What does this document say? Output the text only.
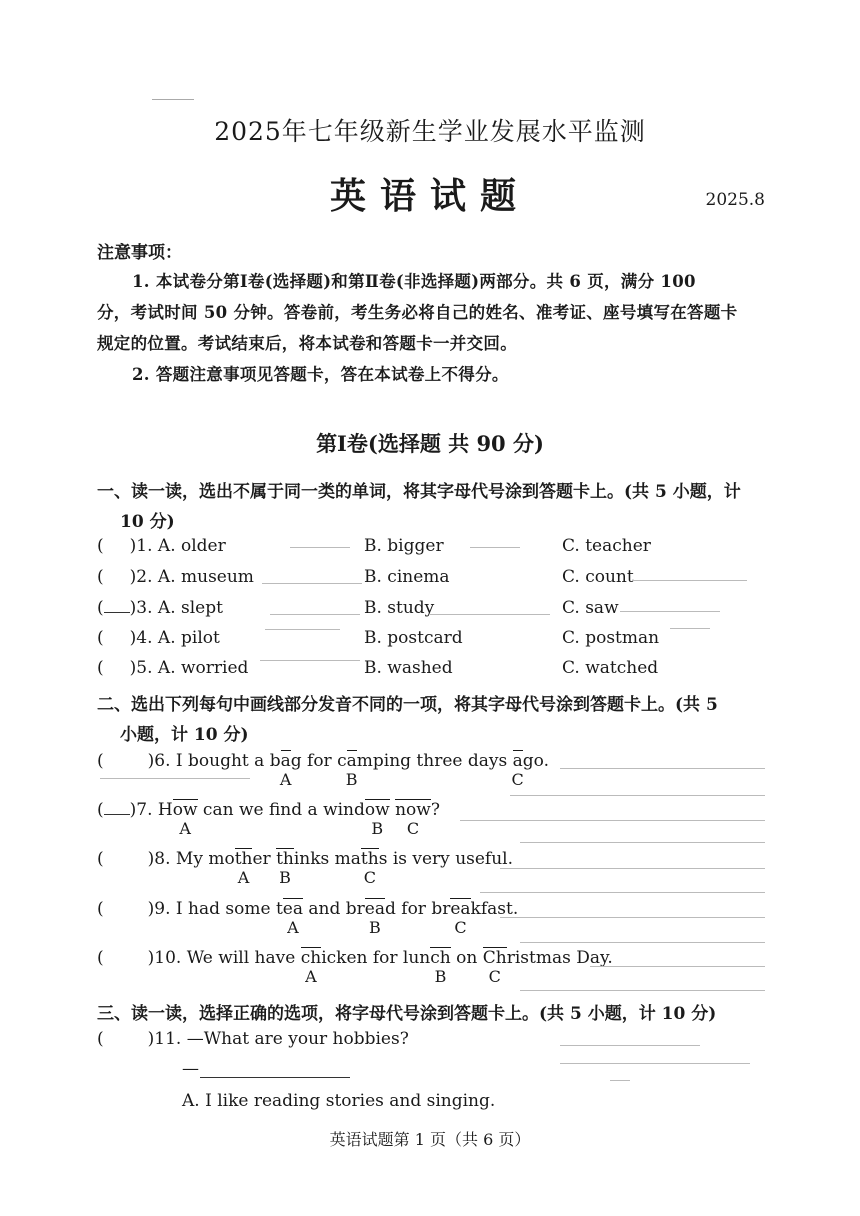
2025年七年级新生学业发展水平监测
英语试题	2025.8
注意事项：
1. 本试卷分第Ⅰ卷(选择题)和第Ⅱ卷(非选择题)两部分。共 6 页，满分 100
分，考试时间 50 分钟。答卷前，考生务必将自己的姓名、准考证、座号填写在答题卡
规定的位置。考试结束后，将本试卷和答题卡一并交回。
2. 答题注意事项见答题卡，答在本试卷上不得分。
第Ⅰ卷(选择题 共 90 分)
一、读一读，选出不属于同一类的单词，将其字母代号涂到答题卡上。(共 5 小题，计
10 分)
( )1. A. older	B. bigger	C. teacher
( )2. A. museum	B. cinema	C. count
( )3. A. slept	B. study	C. saw
( )4. A. pilot	B. postcard	C. postman
( )5. A. worried	B. washed	C. watched
二、选出下列每句中画线部分发音不同的一项，将其字母代号涂到答题卡上。(共 5
小题，计 10 分)
(	)6. I bought a ba Ag for ca Bmping three days a Cgo.
( )7. How A can we find a window B now C?
(	)8. My moth Aer th Binks math Cs is very useful.
(	)9. I had some tea A and brea Bd for brea Ckfast.
(	)10. We will have ch Aicken for lunch B on Ch Cristmas Day.
三、读一读，选择正确的选项，将字母代号涂到答题卡上。(共 5 小题，计 10 分)
(	)11. —What are your hobbies?
—
A. I like reading stories and singing.
英语试题第 1 页（共 6 页）
